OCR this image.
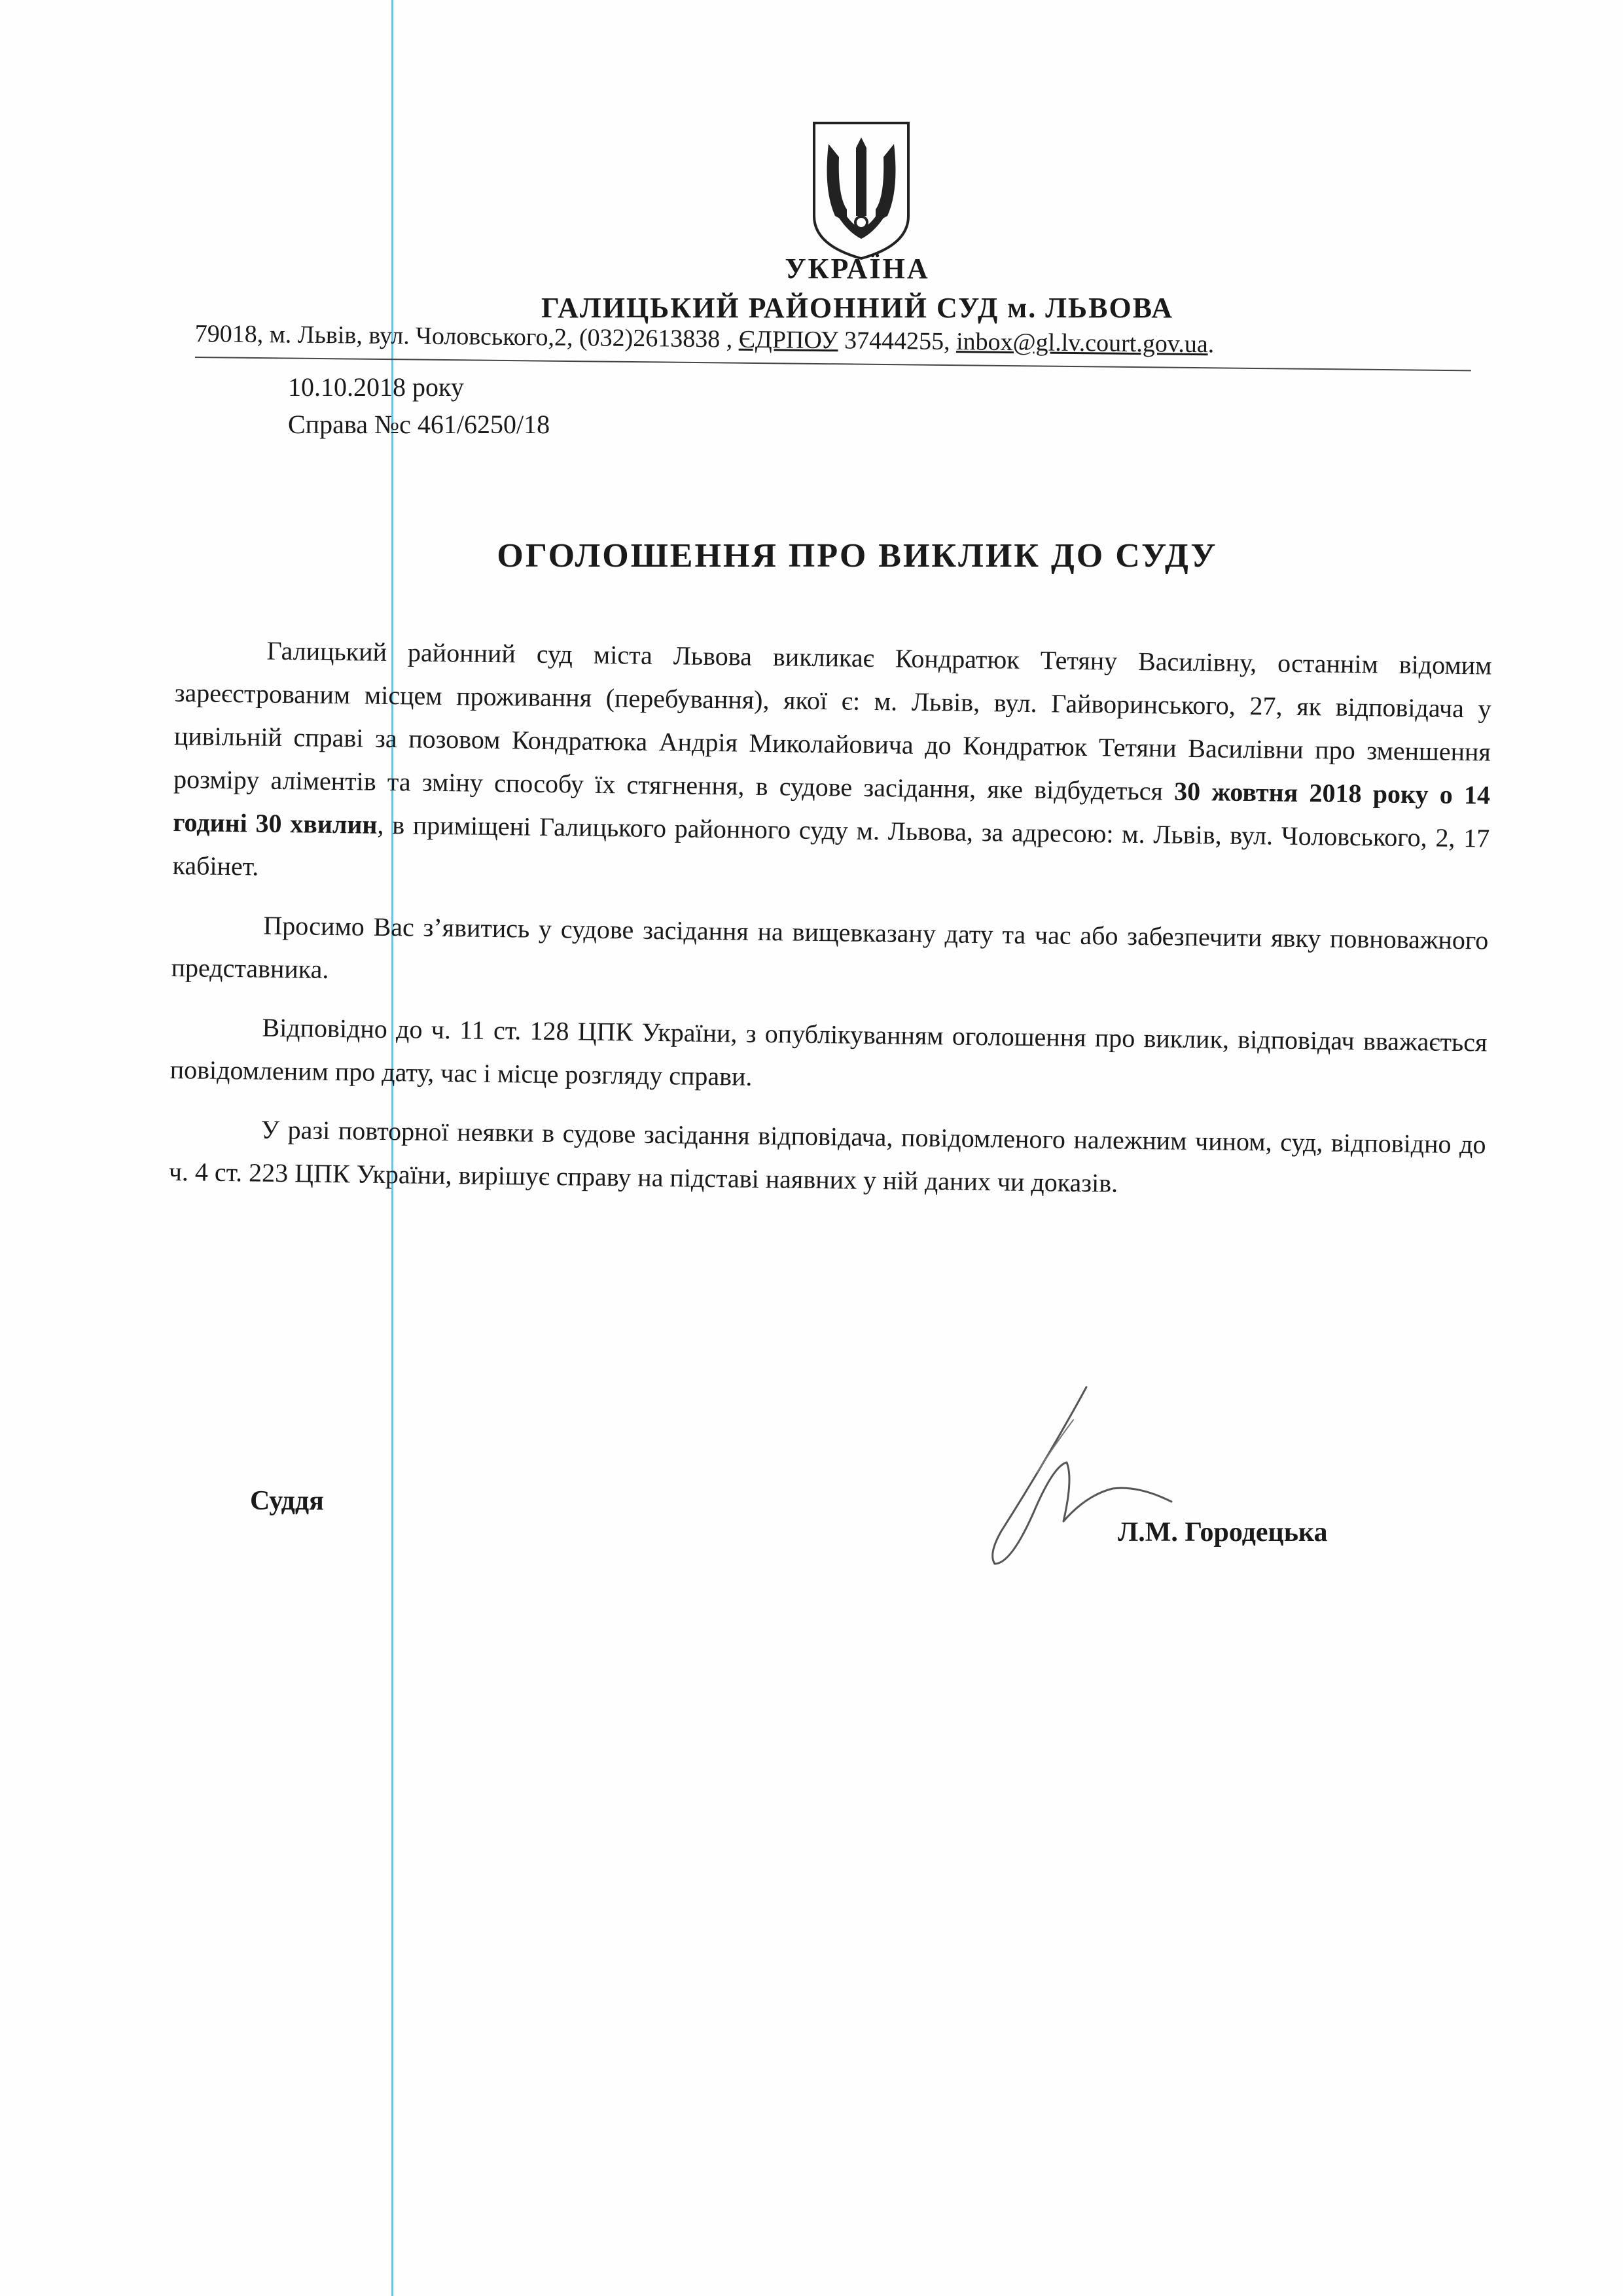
УКРАЇНА
ГАЛИЦЬКИЙ РАЙОННИЙ СУД м. ЛЬВОВА
79018, м. Львів, вул. Чоловського,2, (032)2613838 , ЄДРПОУ 37444255, inbox@gl.lv.court.gov.ua.
10.10.2018 року
Справа №с 461/6250/18
ОГОЛОШЕННЯ ПРО ВИКЛИК ДО СУДУ

Галицький районний суд міста Львова викликає Кондратюк Тетяну Василівну, останнім відомим зареєстрованим місцем проживання (перебування), якої є: м. Львів, вул. Гайворинського, 27, як відповідача у цивільній справі за позовом Кондратюка Андрія Миколайовича до Кондратюк Тетяни Василівни про зменшення розміру аліментів та зміну способу їх стягнення, в судове засідання, яке відбудеться 30 жовтня 2018 року о 14 годині 30 хвилин, в приміщені Галицького районного суду м. Львова, за адресою: м. Львів, вул. Чоловського, 2, 17 кабінет.

Просимо Вас з’явитись у судове засідання на вищевказану дату та час або забезпечити явку повноважного представника.

Відповідно до ч. 11 ст. 128 ЦПК України, з опублікуванням оголошення про виклик, відповідач вважається повідомленим про дату, час і місце розгляду справи.

У разі повторної неявки в судове засідання відповідача, повідомленого належним чином, суд, відповідно до ч. 4 ст. 223 ЦПК України, вирішує справу на підставі наявних у ній даних чи доказів.

Суддя
Л.М. Городецька
